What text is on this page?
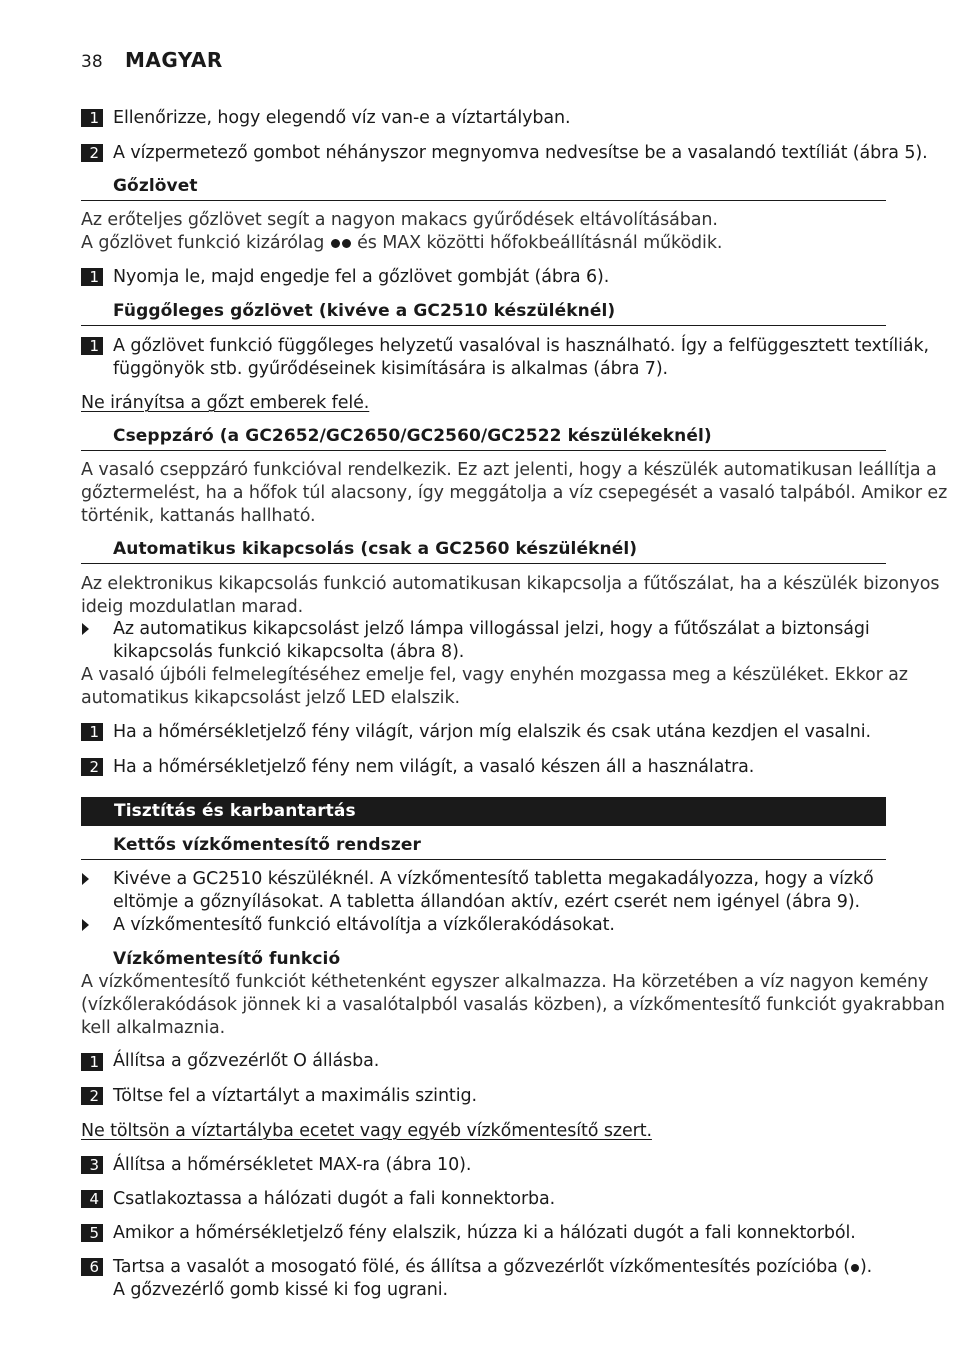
38 MAGYAR
1 Ellenőrizze, hogy elegendő víz van-e a víztartályban.
2 A vízpermetező gombot néhányszor megnyomva nedvesítse be a vasalandó textíliát (ábra 5).
Gőzlövet
Az erőteljes gőzlövet segít a nagyon makacs gyűrődések eltávolításában.
A gőzlövet funkció kizárólag és MAX közötti hőfokbeállításnál működik.
1 Nyomja le, majd engedje fel a gőzlövet gombját (ábra 6).
Függőleges gőzlövet (kivéve a GC2510 készüléknél)
1 A gőzlövet funkció függőleges helyzetű vasalóval is használható. Így a felfüggesztett textíliák,
függönyök stb. gyűrődéseinek kisimítására is alkalmas (ábra 7).
Ne irányítsa a gőzt emberek felé.
Cseppzáró (a GC2652/GC2650/GC2560/GC2522 készülékeknél)
A vasaló cseppzáró funkcióval rendelkezik. Ez azt jelenti, hogy a készülék automatikusan leállítja a
gőztermelést, ha a hőfok túl alacsony, így meggátolja a víz csepegését a vasaló talpából. Amikor ez
történik, kattanás hallható.
Automatikus kikapcsolás (csak a GC2560 készüléknél)
Az elektronikus kikapcsolás funkció automatikusan kikapcsolja a fűtőszálat, ha a készülék bizonyos
ideig mozdulatlan marad.
Az automatikus kikapcsolást jelző lámpa villogással jelzi, hogy a fűtőszálat a biztonsági
kikapcsolás funkció kikapcsolta (ábra 8).
A vasaló újbóli felmelegítéséhez emelje fel, vagy enyhén mozgassa meg a készüléket. Ekkor az
automatikus kikapcsolást jelző LED elalszik.
1 Ha a hőmérsékletjelző fény világít, várjon míg elalszik és csak utána kezdjen el vasalni.
2 Ha a hőmérsékletjelző fény nem világít, a vasaló készen áll a használatra.
Tisztítás és karbantartás
Kettős vízkőmentesítő rendszer
Kivéve a GC2510 készüléknél. A vízkőmentesítő tabletta megakadályozza, hogy a vízkő
eltömje a gőznyílásokat. A tabletta állandóan aktív, ezért cserét nem igényel (ábra 9).
A vízkőmentesítő funkció eltávolítja a vízkőlerakódásokat.
Vízkőmentesítő funkció
A vízkőmentesítő funkciót kéthetenként egyszer alkalmazza. Ha körzetében a víz nagyon kemény
(vízkőlerakódások jönnek ki a vasalótalpból vasalás közben), a vízkőmentesítő funkciót gyakrabban
kell alkalmaznia.
1 Állítsa a gőzvezérlőt O állásba.
2 Töltse fel a víztartályt a maximális szintig.
Ne töltsön a víztartályba ecetet vagy egyéb vízkőmentesítő szert.
3 Állítsa a hőmérsékletet MAX-ra (ábra 10).
4 Csatlakoztassa a hálózati dugót a fali konnektorba.
5 Amikor a hőmérsékletjelző fény elalszik, húzza ki a hálózati dugót a fali konnektorból.
6 Tartsa a vasalót a mosogató fölé, és állítsa a gőzvezérlőt vízkőmentesítés pozícióba ( ).
A gőzvezérlő gomb kissé ki fog ugrani.
